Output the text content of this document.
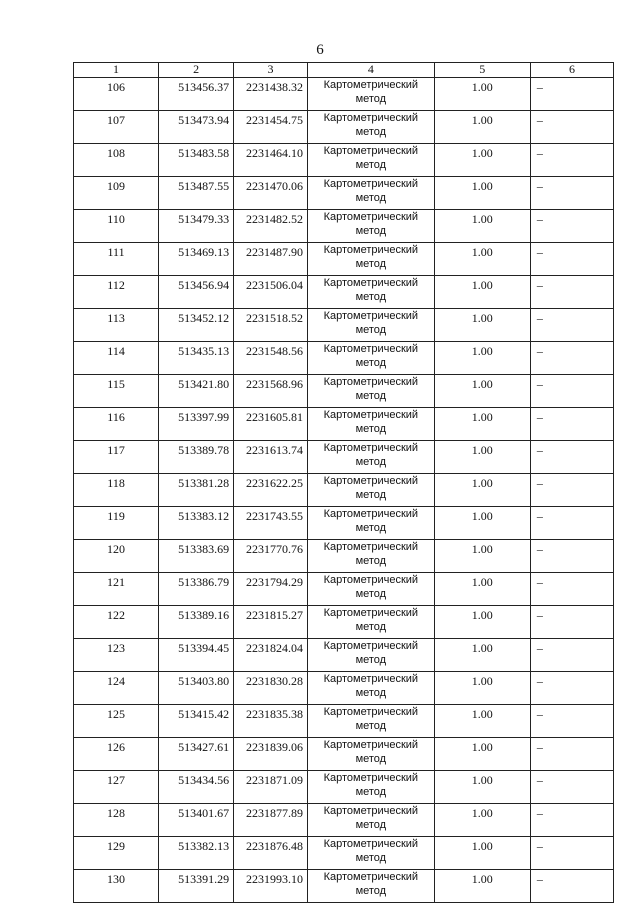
6
1	2	3	4	5	6
106	513456.37	2231438.32	Картометрический метод	1.00	–
107	513473.94	2231454.75	Картометрический метод	1.00	–
108	513483.58	2231464.10	Картометрический метод	1.00	–
109	513487.55	2231470.06	Картометрический метод	1.00	–
110	513479.33	2231482.52	Картометрический метод	1.00	–
111	513469.13	2231487.90	Картометрический метод	1.00	–
112	513456.94	2231506.04	Картометрический метод	1.00	–
113	513452.12	2231518.52	Картометрический метод	1.00	–
114	513435.13	2231548.56	Картометрический метод	1.00	–
115	513421.80	2231568.96	Картометрический метод	1.00	–
116	513397.99	2231605.81	Картометрический метод	1.00	–
117	513389.78	2231613.74	Картометрический метод	1.00	–
118	513381.28	2231622.25	Картометрический метод	1.00	–
119	513383.12	2231743.55	Картометрический метод	1.00	–
120	513383.69	2231770.76	Картометрический метод	1.00	–
121	513386.79	2231794.29	Картометрический метод	1.00	–
122	513389.16	2231815.27	Картометрический метод	1.00	–
123	513394.45	2231824.04	Картометрический метод	1.00	–
124	513403.80	2231830.28	Картометрический метод	1.00	–
125	513415.42	2231835.38	Картометрический метод	1.00	–
126	513427.61	2231839.06	Картометрический метод	1.00	–
127	513434.56	2231871.09	Картометрический метод	1.00	–
128	513401.67	2231877.89	Картометрический метод	1.00	–
129	513382.13	2231876.48	Картометрический метод	1.00	–
130	513391.29	2231993.10	Картометрический метод	1.00	–
